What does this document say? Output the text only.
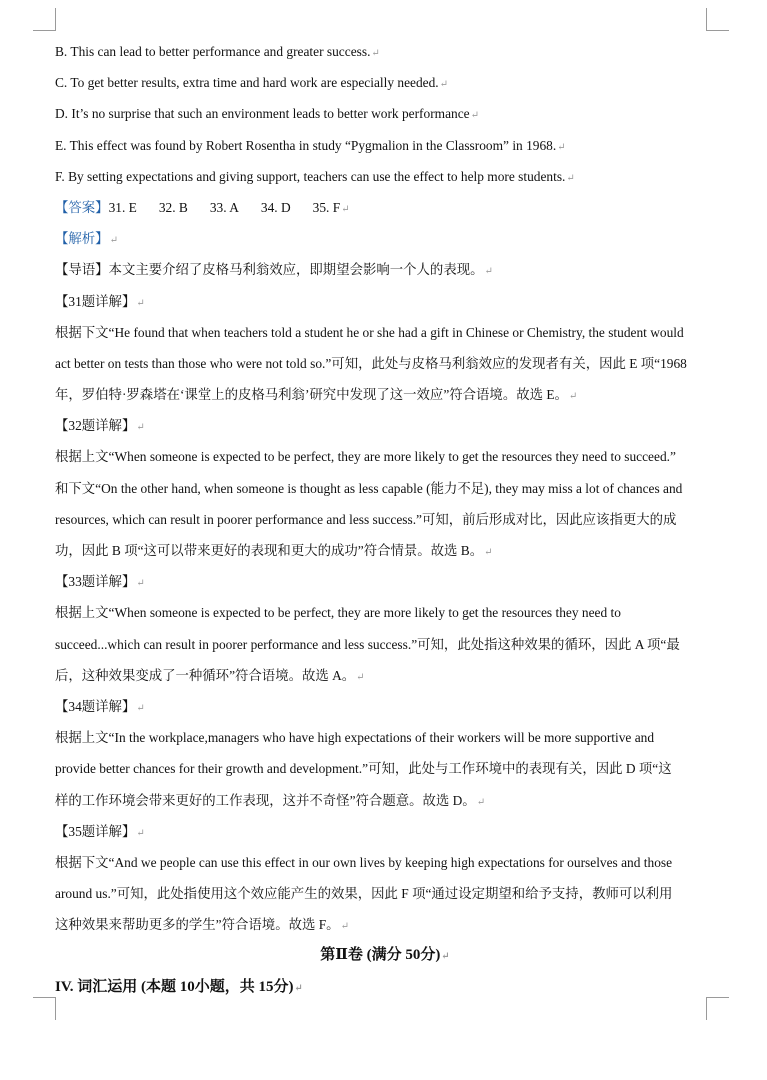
B. This can lead to better performance and greater success.↵
C. To get better results, extra time and hard work are especially needed.↵
D. It’s no surprise that such an environment leads to better work performance↵
E. This effect was found by Robert Rosentha in study “Pygmalion in the Classroom” in 1968.↵
F. By setting expectations and giving support, teachers can use the effect to help more students.↵
【答案】31. E 32. B 33. A 34. D 35. F↵
【解析】↵
【导语】本文主要介绍了皮格马利翁效应，即期望会影响一个人的表现。↵
【31题详解】↵
根据下文“He found that when teachers told a student he or she had a gift in Chinese or Chemistry, the student would
act better on tests than those who were not told so.”可知，此处与皮格马利翁效应的发现者有关，因此 E 项“1968
年，罗伯特·罗森塔在‘课堂上的皮格马利翁’研究中发现了这一效应”符合语境。故选 E。↵
【32题详解】↵
根据上文“When someone is expected to be perfect, they are more likely to get the resources they need to succeed.”
和下文“On the other hand, when someone is thought as less capable (能力不足), they may miss a lot of chances and
resources, which can result in poorer performance and less success.”可知，前后形成对比，因此应该指更大的成
功，因此 B 项“这可以带来更好的表现和更大的成功”符合情景。故选 B。↵
【33题详解】↵
根据上文“When someone is expected to be perfect, they are more likely to get the resources they need to
succeed...which can result in poorer performance and less success.”可知，此处指这种效果的循环，因此 A 项“最
后，这种效果变成了一种循环”符合语境。故选 A。↵
【34题详解】↵
根据上文“In the workplace,managers who have high expectations of their workers will be more supportive and
provide better chances for their growth and development.”可知，此处与工作环境中的表现有关，因此 D 项“这
样的工作环境会带来更好的工作表现，这并不奇怪”符合题意。故选 D。↵
【35题详解】↵
根据下文“And we people can use this effect in our own lives by keeping high expectations for ourselves and those
around us.”可知，此处指使用这个效应能产生的效果，因此 F 项“通过设定期望和给予支持，教师可以利用
这种效果来帮助更多的学生”符合语境。故选 F。↵
第Ⅱ卷 (满分 50分)↵
IV. 词汇运用 (本题 10小题，共 15分)↵
